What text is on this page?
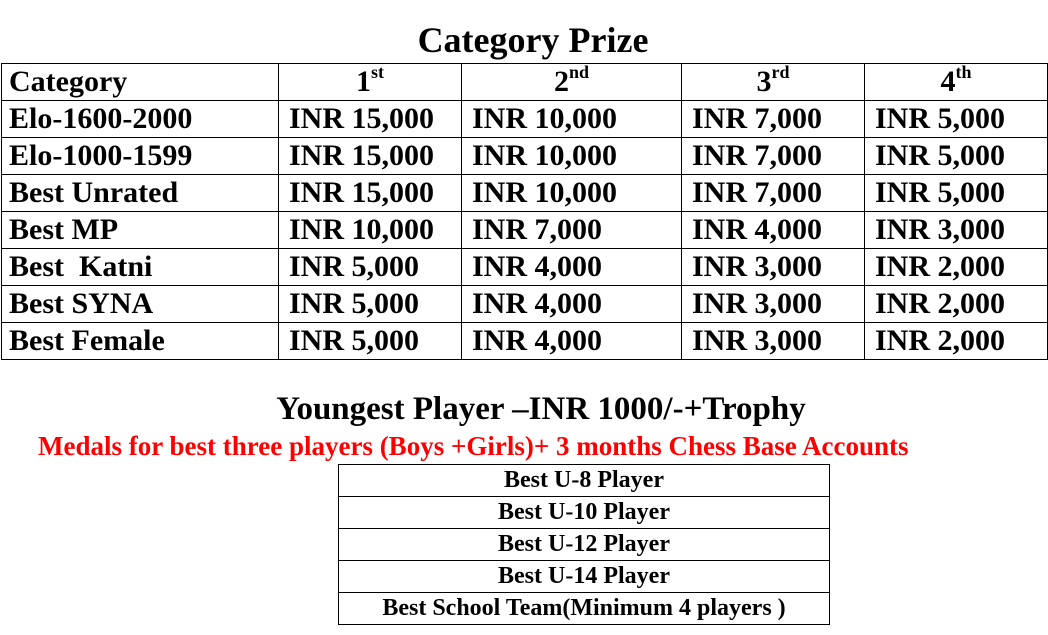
Category Prize
Category	1st	2nd	3rd	4th
Elo-1600-2000	INR 15,000	INR 10,000	INR 7,000	INR 5,000
Elo-1000-1599	INR 15,000	INR 10,000	INR 7,000	INR 5,000
Best Unrated	INR 15,000	INR 10,000	INR 7,000	INR 5,000
Best MP	INR 10,000	INR 7,000	INR 4,000	INR 3,000
Best  Katni	INR 5,000	INR 4,000	INR 3,000	INR 2,000
Best SYNA	INR 5,000	INR 4,000	INR 3,000	INR 2,000
Best Female	INR 5,000	INR 4,000	INR 3,000	INR 2,000

Youngest Player –INR 1000/-+Trophy

Medals for best three players (Boys +Girls)+ 3 months Chess Base Accounts

Best U-8 Player
Best U-10 Player
Best U-12 Player
Best U-14 Player
Best School Team(Minimum 4 players )
